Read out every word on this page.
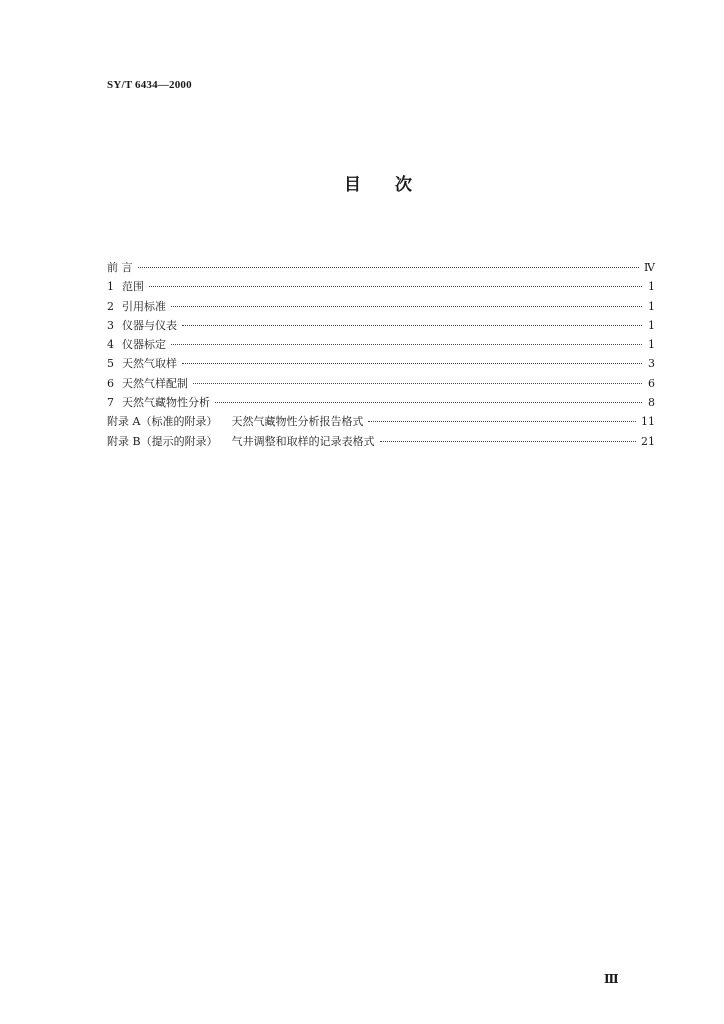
SY/T 6434—2000
目次
前 言	Ⅳ
1 范围	1
2 引用标准	1
3 仪器与仪表	1
4 仪器标定	1
5 天然气取样	3
6 天然气样配制	6
7 天然气藏物性分析	8
附录 A（标准的附录） 天然气藏物性分析报告格式	11
附录 B（提示的附录） 气井调整和取样的记录表格式	21
Ⅲ
